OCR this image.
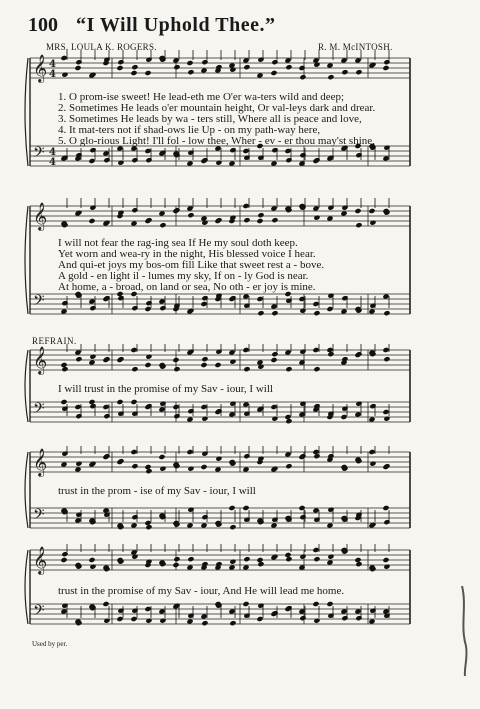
100 “I Will Uphold Thee.”
MRS. LOULA K. ROGERS.	R. M. McINTOSH.
𝄞
𝄢
4
4
4
4
1. O prom-ise sweet! He lead-eth me O'er wa-ters wild and deep;
2. Sometimes He leads o'er mountain height, Or val-leys dark and drear.
3. Sometimes He leads by wa - ters still, Where all is peace and love,
4. It mat-ters not if shad-ows lie Up - on my path-way here,
5. O glo-rious Light! I'll fol - low thee, Wher - ev - er thou may'st shine,
𝄞
𝄢
I will not fear the rag-ing sea If He my soul doth keep.
Yet worn and wea-ry in the night, His blessed voice I hear.
And qui-et joys my bos-om fill Like that sweet rest a - bove.
A gold - en light il - lumes my sky, If on - ly God is near.
At home, a - broad, on land or sea, No oth - er joy is mine.
REFRAIN.
𝄞
𝄢
I will trust in the promise of my Sav - iour, I will
𝄞
𝄢
trust in the prom - ise of my Sav - iour, I will
𝄞
𝄢
trust in the promise of my Sav - iour, And He will lead me home.
Used by per.
